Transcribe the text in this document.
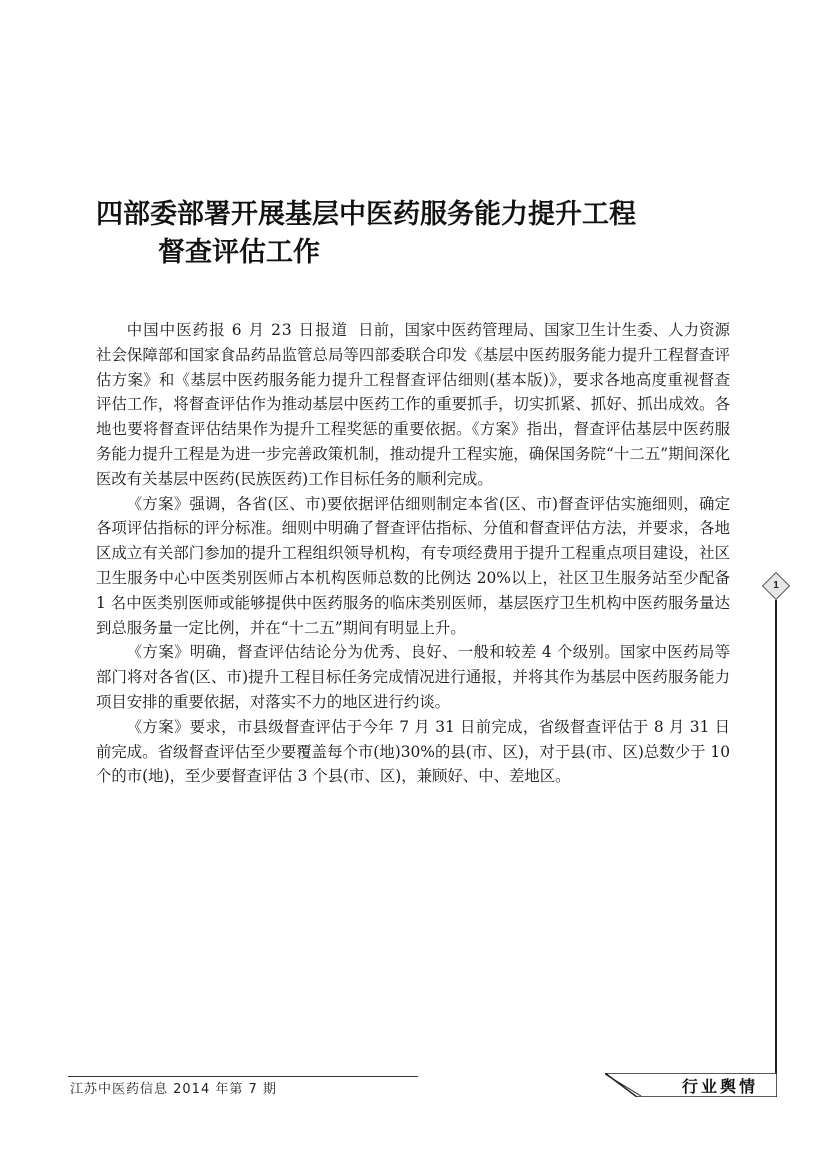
四部委部署开展基层中医药服务能力提升工程
督查评估工作

中国中医药报 6 月 23 日报道 日前，国家中医药管理局、国家卫生计生委、人力资源社会保障部和国家食品药品监管总局等四部委联合印发《基层中医药服务能力提升工程督查评估方案》和《基层中医药服务能力提升工程督查评估细则(基本版)》，要求各地高度重视督查评估工作，将督查评估作为推动基层中医药工作的重要抓手，切实抓紧、抓好、抓出成效。各地也要将督查评估结果作为提升工程奖惩的重要依据。《方案》指出，督查评估基层中医药服务能力提升工程是为进一步完善政策机制，推动提升工程实施，确保国务院“十二五”期间深化医改有关基层中医药(民族医药)工作目标任务的顺利完成。

《方案》强调，各省(区、市)要依据评估细则制定本省(区、市)督查评估实施细则，确定各项评估指标的评分标准。细则中明确了督查评估指标、分值和督查评估方法，并要求，各地区成立有关部门参加的提升工程组织领导机构，有专项经费用于提升工程重点项目建设，社区卫生服务中心中医类别医师占本机构医师总数的比例达 20%以上，社区卫生服务站至少配备 1 名中医类别医师或能够提供中医药服务的临床类别医师，基层医疗卫生机构中医药服务量达到总服务量一定比例，并在“十二五”期间有明显上升。

《方案》明确，督查评估结论分为优秀、良好、一般和较差 4 个级别。国家中医药局等部门将对各省(区、市)提升工程目标任务完成情况进行通报，并将其作为基层中医药服务能力项目安排的重要依据，对落实不力的地区进行约谈。

《方案》要求，市县级督查评估于今年 7 月 31 日前完成，省级督查评估于 8 月 31 日前完成。省级督查评估至少要覆盖每个市(地)30%的县(市、区)，对于县(市、区)总数少于 10 个的市(地)，至少要督查评估 3 个县(市、区)，兼顾好、中、差地区。

1
江苏中医药信息 2014 年第 7 期	行业舆情
